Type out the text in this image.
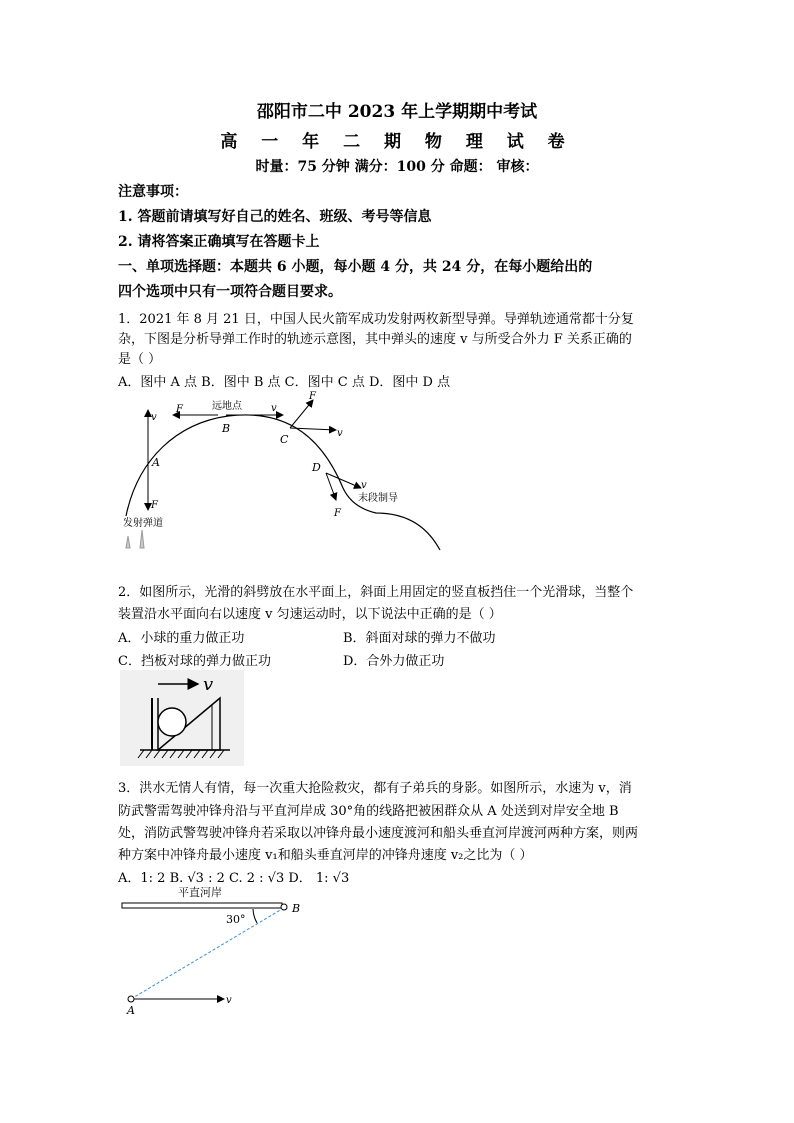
邵阳市二中 2023 年上学期期中考试
高 一 年 二 期 物 理 试 卷
时量：75 分钟 满分：100 分 命题： 审核：
注意事项：
1. 答题前请填写好自己的姓名、班级、考号等信息
2. 请将答案正确填写在答题卡上
一、单项选择题：本题共 6 小题，每小题 4 分，共 24 分，在每小题给出的
四个选项中只有一项符合题目要求。
1．2021 年 8 月 21 日，中国人民火箭军成功发射两枚新型导弹。导弹轨迹通常都十分复
杂，下图是分析导弹工作时的轨迹示意图，其中弹头的速度 v 与所受合外力 F 关系正确的
是（ ）
A．图中 A 点 B．图中 B 点 C．图中 C 点 D．图中 D 点
v
F
A
F	v
远地点
B
F
v
C
v
F
D
末段制导
发射弹道
2．如图所示，光滑的斜劈放在水平面上，斜面上用固定的竖直板挡住一个光滑球，当整个
装置沿水平面向右以速度 v 匀速运动时，以下说法中正确的是（ ）
A．小球的重力做正功	B．斜面对球的弹力不做功
C．挡板对球的弹力做正功	D．合外力做正功
v
3．洪水无情人有情，每一次重大抢险救灾，都有子弟兵的身影。如图所示，水速为 v，消
防武警需驾驶冲锋舟沿与平直河岸成 30°角的线路把被困群众从 A 处送到对岸安全地 B
处，消防武警驾驶冲锋舟若采取以冲锋舟最小速度渡河和船头垂直河岸渡河两种方案，则两
种方案中冲锋舟最小速度 v₁和船头垂直河岸的冲锋舟速度 v₂之比为（ ）
A．1: 2 B. √3 : 2 C. 2 : √3 D． 1: √3
平直河岸
B
30°
v
A
